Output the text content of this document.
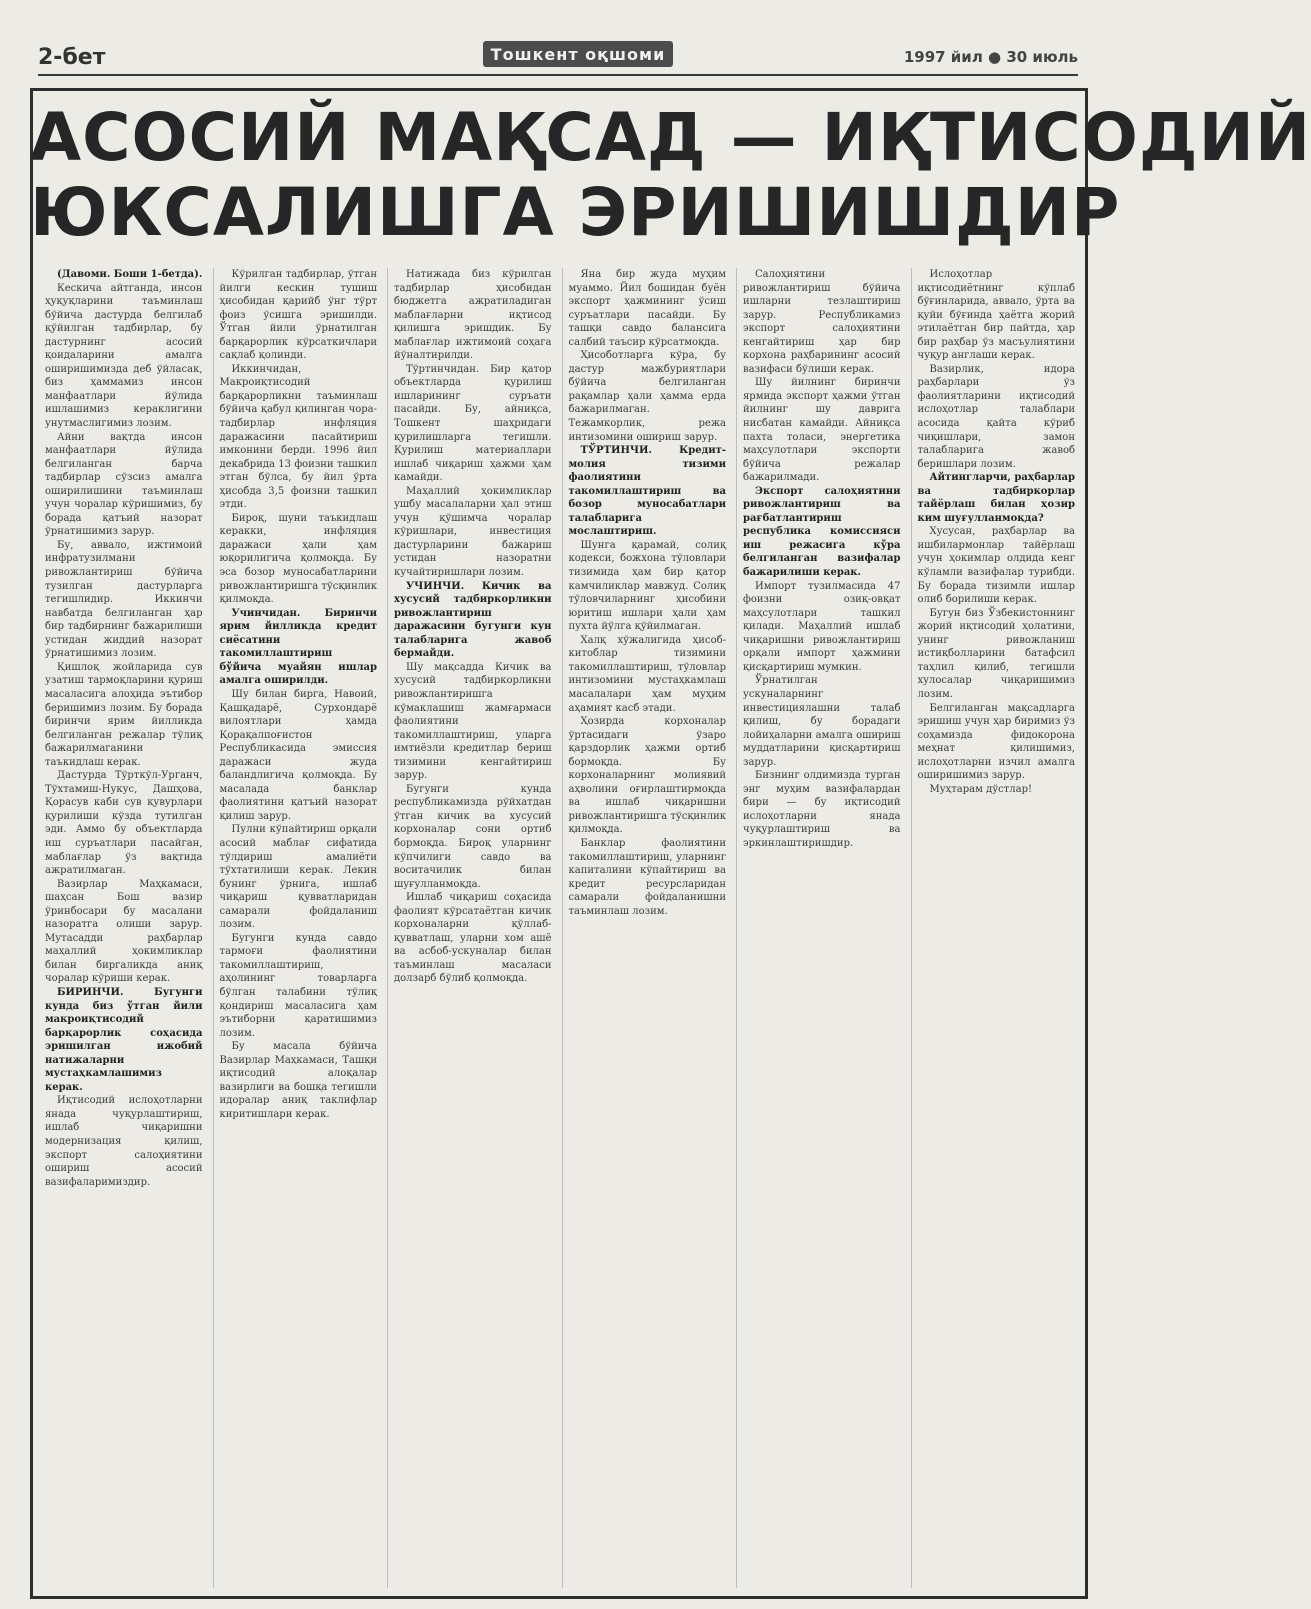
2-бет	Тошкент оқшоми	1997 йил ● 30 июль
АСОСИЙ МАҚСАД — ИҚТИСОДИЙ
ЮКСАЛИШГА ЭРИШИШДИР

(Давоми. Боши 1-бетда).

Кескича айтганда, инсон ҳуқуқларини таъминлаш бўйича дастурда белгилаб қўйилган тадбирлар, бу дастурнинг асосий қоидаларини амалга оширишимизда деб ўйласак, биз ҳаммамиз инсон манфаатлари йўлида ишлашимиз кераклигини унутмаслигимиз лозим.

Айни вақтда инсон манфаатлари йўлида белгиланган барча тадбирлар сўзсиз амалга оширилишини таъминлаш учун чоралар кўришимиз, бу борада қатъий назорат ўрнатишимиз зарур.

Бу, аввало, ижтимоий инфратузилмани ривожлантириш бўйича тузилган дастурларга тегишлидир. Иккинчи навбатда белгиланган ҳар бир тадбирнинг бажарилиши устидан жиддий назорат ўрнатишимиз лозим.

Қишлоқ жойларида сув узатиш тармоқларини қуриш масаласига алоҳида эътибор беришимиз лозим. Бу борада биринчи ярим йилликда белгиланган режалар тўлиқ бажарилмаганини таъкидлаш керак.

Дастурда Тўрткўл-Урганч, Тўхтамиш-Нукус, Дашҳова, Қорасув каби сув қувурлари қурилиши кўзда тутилган эди. Аммо бу объектларда иш суръатлари пасайган, маблағлар ўз вақтида ажратилмаган.

Вазирлар Маҳкамаси, шаҳсан Бош вазир ўринбосари бу масалани назоратга олиши зарур. Мутасадди раҳбарлар маҳаллий ҳокимликлар билан биргаликда аниқ чоралар кўриши керак.

БИРИНЧИ. Бугунги кунда биз ўтган йили макроиқтисодий барқарорлик соҳасида эришилган ижобий натижаларни мустаҳкамлашимиз керак.

Иқтисодий ислоҳотларни янада чуқурлаштириш, ишлаб чиқаришни модернизация қилиш, экспорт салоҳиятини ошириш асосий вазифаларимиздир.

Кўрилган тадбирлар, ўтган йилги кескин тушиш ҳисобидан қарийб ўнг тўрт фоиз ўсишга эришилди. Ўтган йили ўрнатилган барқарорлик кўрсаткичлари сақлаб қолинди.

Иккинчидан, Макроиқтисодий барқарорликни таъминлаш бўйича қабул қилинган чора-тадбирлар инфляция даражасини пасайтириш имконини берди. 1996 йил декабрида 13 фоизни ташкил этган бўлса, бу йил ўрта ҳисобда 3,5 фоизни ташкил этди.

Бироқ, шуни таъкидлаш керакки, инфляция даражаси ҳали ҳам юқорилигича қолмоқда. Бу эса бозор муносабатларини ривожлантиришга тўсқинлик қилмоқда.

Учинчидан. Биринчи ярим йилликда кредит сиёсатини такомиллаштириш бўйича муайян ишлар амалга оширилди.

Шу билан бирга, Навоий, Қашқадарё, Сурхондарё вилоятлари ҳамда Қорақалпоғистон Республикасида эмиссия даражаси жуда баландлигича қолмоқда. Бу масалада банклар фаолиятини қатъий назорат қилиш зарур.

Пулни кўпайтириш орқали асосий маблағ сифатида тўлдириш амалиёти тўхтатилиши керак. Лекин бунинг ўрнига, ишлаб чиқариш қувватларидан самарали фойдаланиш лозим.

Бугунги кунда савдо тармоғи фаолиятини такомиллаштириш, аҳолининг товарларга бўлган талабини тўлиқ қондириш масаласига ҳам эътиборни қаратишимиз лозим.

Бу масала бўйича Вазирлар Маҳкамаси, Ташқи иқтисодий алоқалар вазирлиги ва бошқа тегишли идоралар аниқ таклифлар киритишлари керак.

Натижада биз кўрилган тадбирлар ҳисобидан бюджетга ажратиладиган маблағларни иқтисод қилишга эришдик. Бу маблағлар ижтимоий соҳага йўналтирилди.

Тўртинчидан. Бир қатор объектларда қурилиш ишларининг суръати пасайди. Бу, айниқса, Тошкент шаҳридаги қурилишларга тегишли. Қурилиш материаллари ишлаб чиқариш ҳажми ҳам камайди.

Маҳаллий ҳокимликлар ушбу масалаларни ҳал этиш учун қўшимча чоралар кўришлари, инвестиция дастурларини бажариш устидан назоратни кучайтиришлари лозим.

УЧИНЧИ. Кичик ва хусусий тадбиркорликни ривожлантириш даражасини бугунги кун талабларига жавоб бермайди.

Шу мақсадда Кичик ва хусусий тадбиркорликни ривожлантиришга кўмаклашиш жамғармаси фаолиятини такомиллаштириш, уларга имтиёзли кредитлар бериш тизимини кенгайтириш зарур.

Бугунги кунда республикамизда рўйхатдан ўтган кичик ва хусусий корхоналар сони ортиб бормоқда. Бироқ уларнинг кўпчилиги савдо ва воситачилик билан шуғулланмоқда.

Ишлаб чиқариш соҳасида фаолият кўрсатаётган кичик корхоналарни қўллаб-қувватлаш, уларни хом ашё ва асбоб-ускуналар билан таъминлаш масаласи долзарб бўлиб қолмоқда.

Яна бир жуда муҳим муаммо. Йил бошидан буён экспорт ҳажмининг ўсиш суръатлари пасайди. Бу ташқи савдо балансига салбий таъсир кўрсатмоқда.

Ҳисоботларга кўра, бу дастур мажбуриятлари бўйича белгиланган рақамлар ҳали ҳамма ерда бажарилмаган. Тежамкорлик, режа интизомини ошириш зарур.

ТЎРТИНЧИ. Кредит-молия тизими фаолиятини такомиллаштириш ва бозор муносабатлари талабларига мослаштириш.

Шунга қарамай, солиқ кодекси, божхона тўловлари тизимида ҳам бир қатор камчиликлар мавжуд. Солиқ тўловчиларнинг ҳисобини юритиш ишлари ҳали ҳам пухта йўлга қўйилмаган.

Халқ хўжалигида ҳисоб-китоблар тизимини такомиллаштириш, тўловлар интизомини мустаҳкамлаш масалалари ҳам муҳим аҳамият касб этади.

Ҳозирда корхоналар ўртасидаги ўзаро қарздорлик ҳажми ортиб бормоқда. Бу корхоналарнинг молиявий аҳволини оғирлаштирмоқда ва ишлаб чиқаришни ривожлантиришга тўсқинлик қилмоқда.

Банклар фаолиятини такомиллаштириш, уларнинг капиталини кўпайтириш ва кредит ресурсларидан самарали фойдаланишни таъминлаш лозим.

Салоҳиятини ривожлантириш бўйича ишларни тезлаштириш зарур. Республикамиз экспорт салоҳиятини кенгайтириш ҳар бир корхона раҳбарининг асосий вазифаси бўлиши керак.

Шу йилнинг биринчи ярмида экспорт ҳажми ўтган йилнинг шу даврига нисбатан камайди. Айниқса пахта толаси, энергетика маҳсулотлари экспорти бўйича режалар бажарилмади.

Экспорт салоҳиятини ривожлантириш ва рағбатлантириш республика комиссияси иш режасига кўра белгиланган вазифалар бажарилиши керак.

Импорт тузилмасида 47 фоизни озиқ-овқат маҳсулотлари ташкил қилади. Маҳаллий ишлаб чиқаришни ривожлантириш орқали импорт ҳажмини қисқартириш мумкин.

Ўрнатилган ускуналарнинг инвестициялашни талаб қилиш, бу борадаги лойиҳаларни амалга ошириш муддатларини қисқартириш зарур.

Бизнинг олдимизда турган энг муҳим вазифалардан бири — бу иқтисодий ислоҳотларни янада чуқурлаштириш ва эркинлаштиришдир.

Ислоҳотлар иқтисодиётнинг кўплаб бўғинларида, аввало, ўрта ва қуйи бўғинда ҳаётга жорий этилаётган бир пайтда, ҳар бир раҳбар ўз масъулиятини чуқур англаши керак.

Вазирлик, идора раҳбарлари ўз фаолиятларини иқтисодий ислоҳотлар талаблари асосида қайта кўриб чиқишлари, замон талабларига жавоб беришлари лозим.

Айтингларчи, раҳбарлар ва тадбиркорлар тайёрлаш билан ҳозир ким шуғулланмоқда?

Хусусан, раҳбарлар ва ишбилармонлар тайёрлаш учун ҳокимлар олдида кенг кўламли вазифалар турибди. Бу борада тизимли ишлар олиб борилиши керак.

Бугун биз Ўзбекистоннинг жорий иқтисодий ҳолатини, унинг ривожланиш истиқболларини батафсил таҳлил қилиб, тегишли хулосалар чиқаришимиз лозим.

Белгиланган мақсадларга эришиш учун ҳар биримиз ўз соҳамизда фидокорона меҳнат қилишимиз, ислоҳотларни изчил амалга оширишимиз зарур.

Муҳтарам дўстлар!
